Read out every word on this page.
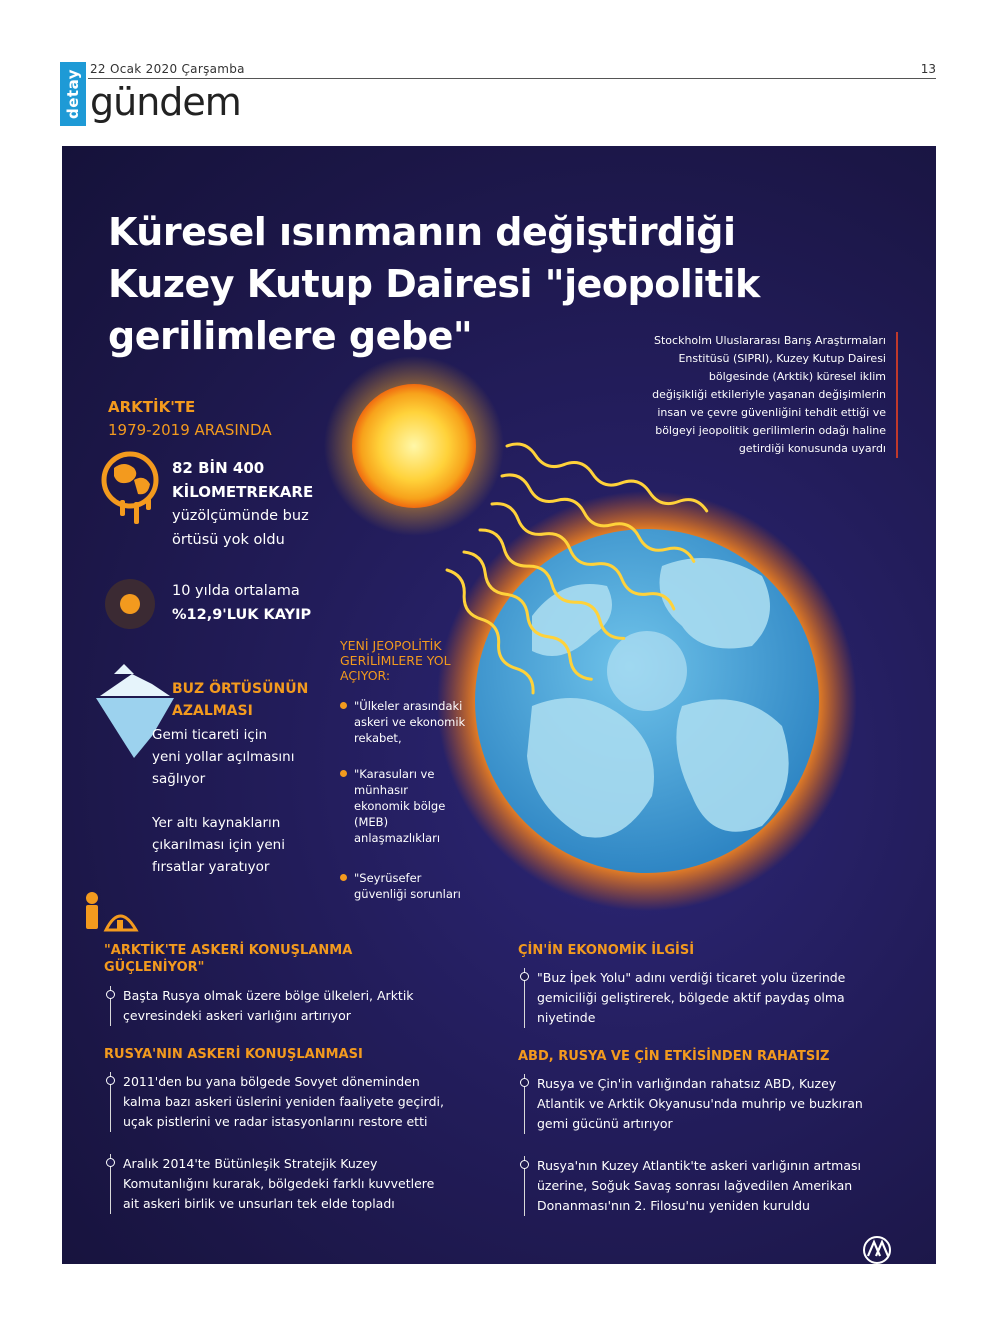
detay 22 Ocak 2020 Çarşamba	13
gündem
Küresel ısınmanın değiştirdiği
Kuzey Kutup Dairesi "jeopolitik
gerilimlere gebe"	Stockholm Uluslararası Barış Araştırmaları
Enstitüsü (SIPRI), Kuzey Kutup Dairesi
bölgesinde (Arktik) küresel iklim
değişikliği etkileriyle yaşanan değişimlerin
insan ve çevre güvenliğini tehdit ettiği ve
bölgeyi jeopolitik gerilimlerin odağı haline
getirdiği konusunda uyardı
ARKTİK'TE
1979-2019 ARASINDA
82 BİN 400
KİLOMETREKARE
yüzölçümünde buz
örtüsü yok oldu
10 yılda ortalama
%12,9'LUK KAYIP
BUZ ÖRTÜSÜNÜN
AZALMASI
Gemi ticareti için
yeni yollar açılmasını
sağlıyor
Yer altı kaynakların
çıkarılması için yeni
fırsatlar yaratıyor
YENİ JEOPOLİTİK
GERİLİMLERE YOL
AÇIYOR:
"Ülkeler arasındaki
askeri ve ekonomik
rekabet,
"Karasuları ve
münhasır
ekonomik bölge
(MEB)
anlaşmazlıkları
"Seyrüsefer
güvenliği sorunları
"ARKTİK'TE ASKERİ KONUŞLANMA
GÜÇLENİYOR"
Başta Rusya olmak üzere bölge ülkeleri, Arktik
çevresindeki askeri varlığını artırıyor
RUSYA'NIN ASKERİ KONUŞLANMASI
2011'den bu yana bölgede Sovyet döneminden
kalma bazı askeri üslerini yeniden faaliyete geçirdi,
uçak pistlerini ve radar istasyonlarını restore etti
Aralık 2014'te Bütünleşik Stratejik Kuzey
Komutanlığını kurarak, bölgedeki farklı kuvvetlere
ait askeri birlik ve unsurları tek elde topladı
ÇİN'İN EKONOMİK İLGİSİ
"Buz İpek Yolu" adını verdiği ticaret yolu üzerinde
gemiciliği geliştirerek, bölgede aktif paydaş olma
niyetinde
ABD, RUSYA VE ÇİN ETKİSİNDEN RAHATSIZ
Rusya ve Çin'in varlığından rahatsız ABD, Kuzey
Atlantik ve Arktik Okyanusu'nda muhrip ve buzkıran
gemi gücünü artırıyor
Rusya'nın Kuzey Atlantik'te askeri varlığının artması
üzerine, Soğuk Savaş sonrası lağvedilen Amerikan
Donanması'nın 2. Filosu'nu yeniden kuruldu
